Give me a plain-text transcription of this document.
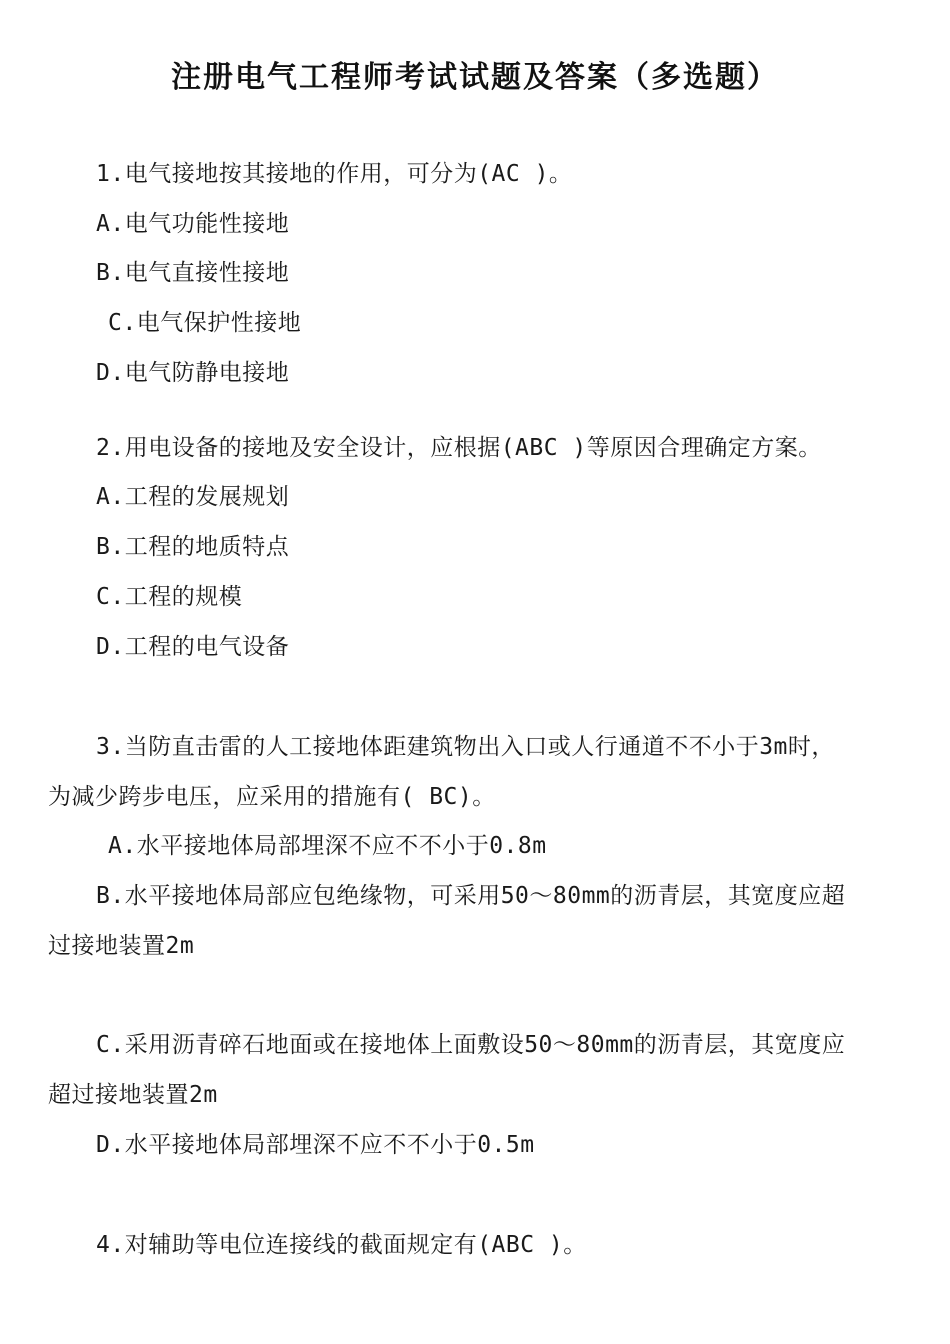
注册电气工程师考试试题及答案（多选题）
1.电气接地按其接地的作用，可分为(AC )。
A.电气功能性接地
B.电气直接性接地
C.电气保护性接地
D.电气防静电接地
2.用电设备的接地及安全设计，应根据(ABC )等原因合理确定方案。
A.工程的发展规划
B.工程的地质特点
C.工程的规模
D.工程的电气设备
3.当防直击雷的人工接地体距建筑物出入口或人行通道不不小于3m时，
为减少跨步电压，应采用的措施有( BC)。
A.水平接地体局部埋深不应不不小于0.8m
B.水平接地体局部应包绝缘物，可采用50～80mm的沥青层，其宽度应超
过接地装置2m
C.采用沥青碎石地面或在接地体上面敷设50～80mm的沥青层，其宽度应
超过接地装置2m
D.水平接地体局部埋深不应不不小于0.5m
4.对辅助等电位连接线的截面规定有(ABC )。
